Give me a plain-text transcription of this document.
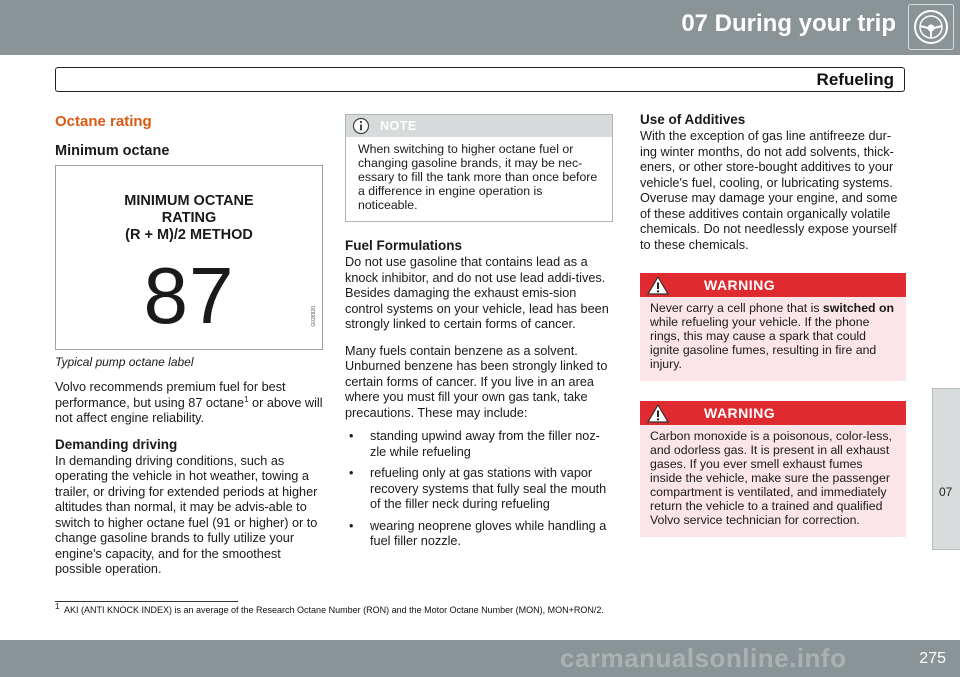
07 During your trip
Refueling
07
Octane rating
Minimum octane
MINIMUM OCTANE
RATING
(R + M)/2 METHOD
87	G026920
Typical pump octane label
Volvo recommends premium fuel for best performance, but using 87 octane$^1$ or above will not affect engine reliability.
Demanding driving
In demanding driving conditions, such as operating the vehicle in hot weather, towing a trailer, or driving for extended periods at higher altitudes than normal, it may be advis-able to switch to higher octane fuel (91 or higher) or to change gasoline brands to fully utilize your engine's capacity, and for the smoothest possible operation.
NOTE
When switching to higher octane fuel or changing gasoline brands, it may be nec-essary to fill the tank more than once before a difference in engine operation is noticeable.
Fuel Formulations
Do not use gasoline that contains lead as a knock inhibitor, and do not use lead addi-tives. Besides damaging the exhaust emis-sion control systems on your vehicle, lead has been strongly linked to certain forms of cancer.
Many fuels contain benzene as a solvent. Unburned benzene has been strongly linked to certain forms of cancer. If you live in an area where you must fill your own gas tank, take precautions. These may include:
• standing upwind away from the filler noz-zle while refueling
• refueling only at gas stations with vapor recovery systems that fully seal the mouth of the filler neck during refueling
• wearing neoprene gloves while handling a fuel filler nozzle.
Use of Additives
With the exception of gas line antifreeze dur-ing winter months, do not add solvents, thick-eners, or other store-bought additives to your vehicle's fuel, cooling, or lubricating systems. Overuse may damage your engine, and some of these additives contain organically volatile chemicals. Do not needlessly expose yourself to these chemicals.
WARNING
Never carry a cell phone that is switched on while refueling your vehicle. If the phone rings, this may cause a spark that could ignite gasoline fumes, resulting in fire and injury.
WARNING
Carbon monoxide is a poisonous, color-less, and odorless gas. It is present in all exhaust gases. If you ever smell exhaust fumes inside the vehicle, make sure the passenger compartment is ventilated, and immediately return the vehicle to a trained and qualified Volvo service technician for correction.
$^1$ AKI (ANTI KNOCK INDEX) is an average of the Research Octane Number (RON) and the Motor Octane Number (MON), MON+RON/2.
carmanualsonline.info	275
